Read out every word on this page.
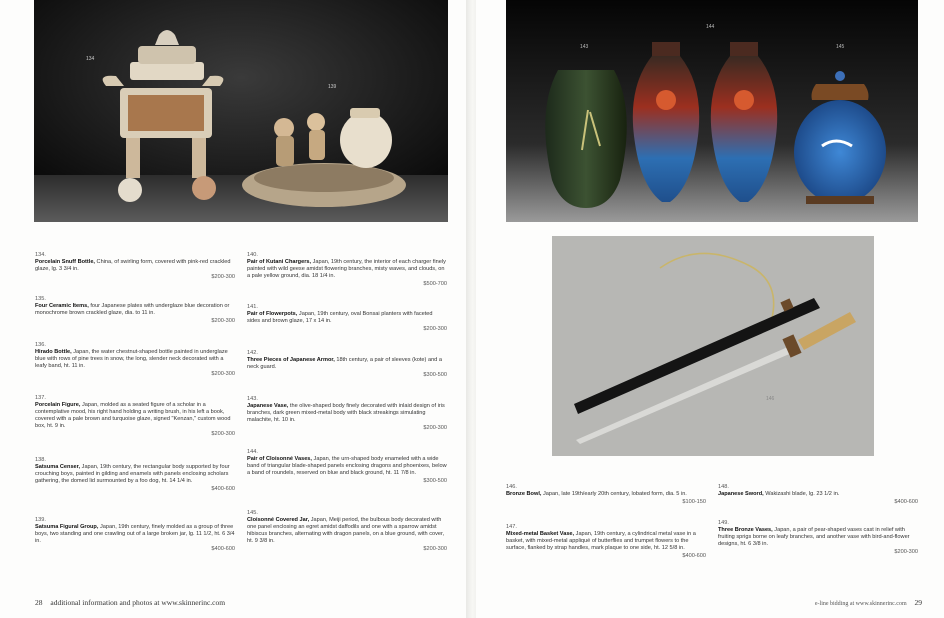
134
139
134.
Porcelain Snuff Bottle, China, of swirling form, covered with pink-red crackled glaze, lg. 3 3/4 in.
$200-300
135.
Four Ceramic Items, four Japanese plates with underglaze blue decoration or monochrome brown crackled glaze, dia. to 11 in.
$200-300
136.
Hirado Bottle, Japan, the water chestnut-shaped bottle painted in underglaze blue with rows of pine trees in snow, the long, slender neck decorated with a leafy band, ht. 11 in.
$200-300
137.
Porcelain Figure, Japan, molded as a seated figure of a scholar in a contemplative mood, his right hand holding a writing brush, in his left a book, covered with a pale brown and turquoise glaze, signed "Kenzan," custom wood box, ht. 9 in.
$200-300
138.
Satsuma Censer, Japan, 19th century, the rectangular body supported by four crouching boys, painted in gilding and enamels with panels enclosing scholars gathering, the domed lid surmounted by a foo dog, ht. 14 1/4 in.
$400-600
139.
Satsuma Figural Group, Japan, 19th century, finely molded as a group of three boys, two standing and one crawling out of a large broken jar, lg. 11 1/2, ht. 6 3/4 in.
$400-600
140.
Pair of Kutani Chargers, Japan, 19th century, the interior of each charger finely painted with wild geese amidst flowering branches, misty waves, and clouds, on a pale yellow ground, dia. 18 1/4 in.
$500-700
141.
Pair of Flowerpots, Japan, 19th century, oval Bonsai planters with faceted sides and brown glaze, 17 x 14 in.
$200-300
142.
Three Pieces of Japanese Armor, 18th century, a pair of sleeves (kote) and a neck guard.
$300-500
143.
Japanese Vase, the olive-shaped body finely decorated with inlaid design of iris branches, dark green mixed-metal body with black streakings simulating malachite, ht. 10 in.
$200-300
144.
Pair of Cloisonné Vases, Japan, the urn-shaped body enameled with a wide band of triangular blade-shaped panels enclosing dragons and phoenixes, below a band of roundels, reserved on blue and black ground, ht. 11 7/8 in.
$300-500
145.
Cloisonné Covered Jar, Japan, Meiji period, the bulbous body decorated with one panel enclosing an egret amidst daffodils and one with a sparrow amidst hibiscus branches, alternating with dragon panels, on a blue ground, with cover, ht. 9 3/8 in.
$200-300
28 additional information and photos at www.skinnerinc.com
143
144
145
146
146.
Bronze Bowl, Japan, late 19th/early 20th century, lobated form, dia. 5 in.
$100-150
147.
Mixed-metal Basket Vase, Japan, 19th century, a cylindrical metal vase in a basket, with mixed-metal appliqué of butterflies and trumpet flowers to the surface, flanked by strap handles, mark plaque to one side, ht. 12 5/8 in.
$400-600
148.
Japanese Sword, Wakizashi blade, lg. 23 1/2 in.
$400-600
149.
Three Bronze Vases, Japan, a pair of pear-shaped vases cast in relief with fruiting sprigs borne on leafy branches, and another vase with bird-and-flower designs, ht. 6 3/8 in.
$200-300
e-line bidding at www.skinnerinc.com 29
